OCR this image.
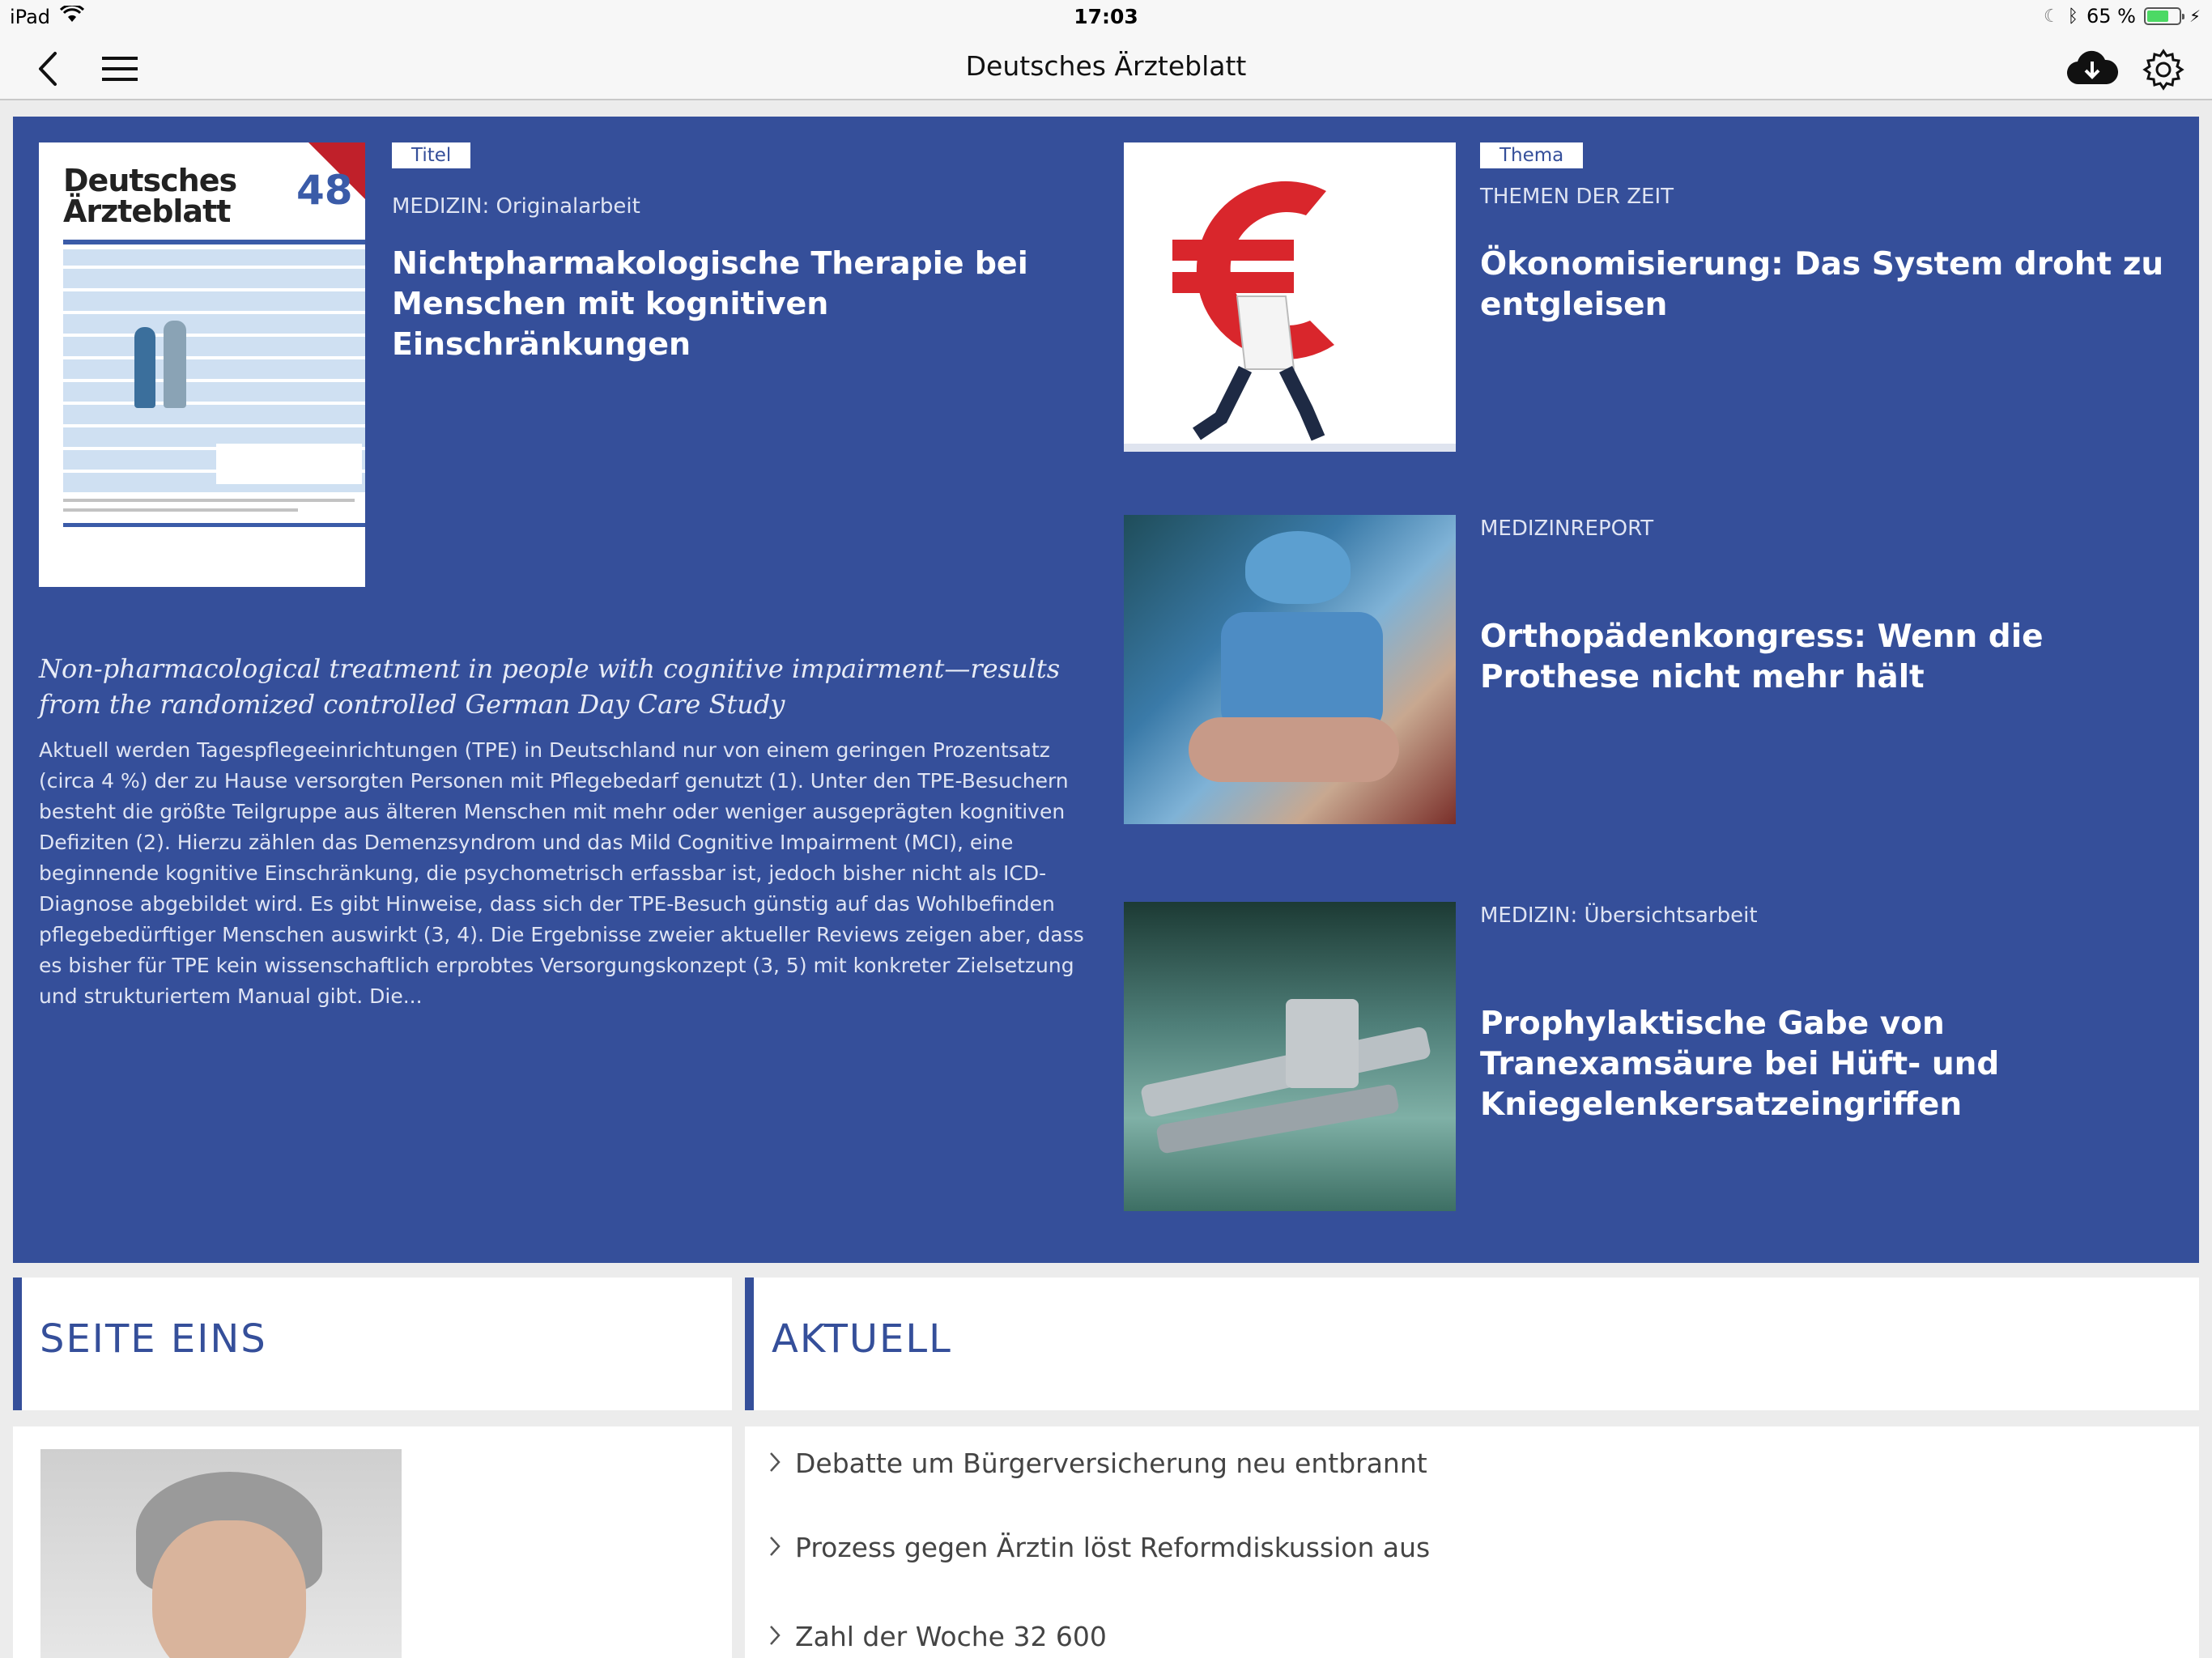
iPad	17:03	☾ ᛒ 65 %	⚡
Deutsches Ärzteblatt
Deutsches
Ärzteblatt 48
Titel
MEDIZIN: Originalarbeit
Nichtpharmakologische Therapie bei Menschen mit kognitiven Einschränkungen
Non-pharmacological treatment in people with cognitive impairment—results from the randomized controlled German Day Care Study
Aktuell werden Tagespflegeeinrichtungen (TPE) in Deutschland nur von einem geringen Prozentsatz (circa 4 %) der zu Hause versorgten Personen mit Pflegebedarf genutzt (1). Unter den TPE-Besuchern besteht die größte Teilgruppe aus älteren Menschen mit mehr oder weniger ausgeprägten kognitiven Defiziten (2). Hierzu zählen das Demenzsyndrom und das Mild Cognitive Impairment (MCI), eine beginnende kognitive Einschränkung, die psychometrisch erfassbar ist, jedoch bisher nicht als ICD-Diagnose abgebildet wird. Es gibt Hinweise, dass sich der TPE-Besuch günstig auf das Wohlbefinden pflegebedürftiger Menschen auswirkt (3, 4). Die Ergebnisse zweier aktueller Reviews zeigen aber, dass es bisher für TPE kein wissenschaftlich erprobtes Versorgungskonzept (3, 5) mit konkreter Zielsetzung und strukturiertem Manual gibt. Die...
Thema
THEMEN DER ZEIT
Ökonomisierung: Das System droht zu entgleisen
MEDIZINREPORT
Orthopädenkongress: Wenn die Prothese nicht mehr hält
MEDIZIN: Übersichtsarbeit
Prophylaktische Gabe von Tranexamsäure bei Hüft- und Kniegelenkersatzeingriffen
SEITE EINS	AKTUELL
Debatte um Bürgerversicherung neu entbrannt
Prozess gegen Ärztin löst Reformdiskussion aus
Zahl der Woche 32 600
